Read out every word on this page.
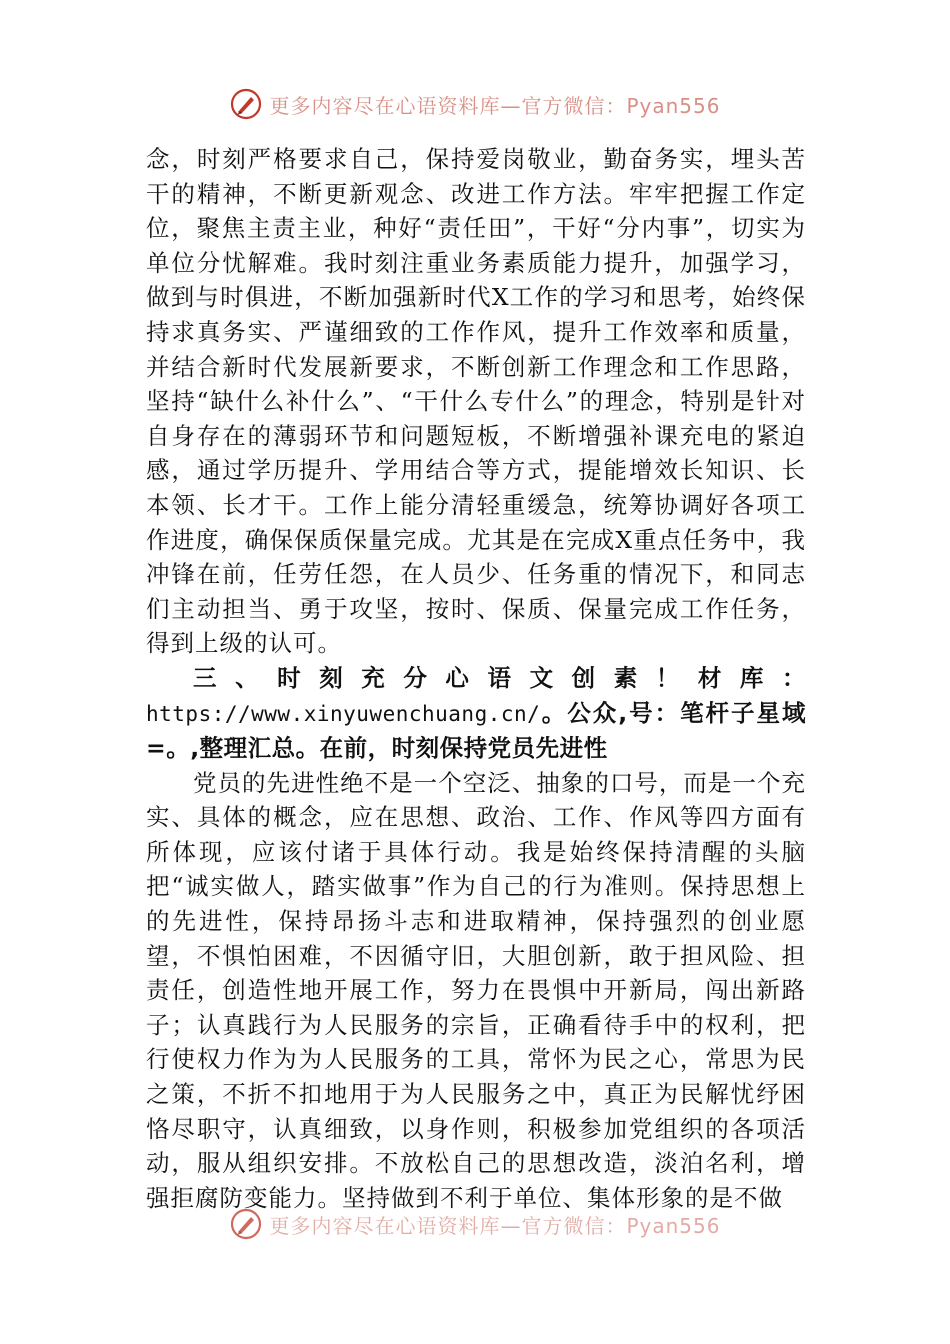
更多内容尽在心语资料库—官方微信：Pyan556

念，时刻严格要求自己，保持爱岗敬业，勤奋务实，埋头苦干的精神，不断更新观念、改进工作方法。牢牢把握工作定位，聚焦主责主业，种好“责任田”，干好“分内事”，切实为单位分忧解难。我时刻注重业务素质能力提升，加强学习，做到与时俱进，不断加强新时代X工作的学习和思考，始终保持求真务实、严谨细致的工作作风，提升工作效率和质量，并结合新时代发展新要求，不断创新工作理念和工作思路，坚持“缺什么补什么”、“干什么专什么”的理念，特别是针对自身存在的薄弱环节和问题短板，不断增强补课充电的紧迫感，通过学历提升、学用结合等方式，提能增效长知识、长本领、长才干。工作上能分清轻重缓急，统筹协调好各项工作进度，确保保质保量完成。尤其是在完成X重点任务中，我冲锋在前，任劳任怨，在人员少、任务重的情况下，和同志们主动担当、勇于攻坚，按时、保质、保量完成工作任务，得到上级的认可。

三、时刻充分心语文创素！材库：https://www.xinyuwenchuang.cn/。公众,号：笔杆子星域=。,整理汇总。在前，时刻保持党员先进性

党员的先进性绝不是一个空泛、抽象的口号，而是一个充实、具体的概念，应在思想、政治、工作、作风等四方面有所体现，应该付诸于具体行动。我是始终保持清醒的头脑把“诚实做人，踏实做事”作为自己的行为准则。保持思想上的先进性，保持昂扬斗志和进取精神，保持强烈的创业愿望，不惧怕困难，不因循守旧，大胆创新，敢于担风险、担责任，创造性地开展工作，努力在畏惧中开新局，闯出新路子；认真践行为人民服务的宗旨，正确看待手中的权利，把行使权力作为为人民服务的工具，常怀为民之心，常思为民之策，不折不扣地用于为人民服务之中，真正为民解忧纾困恪尽职守，认真细致，以身作则，积极参加党组织的各项活动，服从组织安排。不放松自己的思想改造，淡泊名利，增强拒腐防变能力。坚持做到不利于单位、集体形象的是不做

更多内容尽在心语资料库—官方微信：Pyan556
